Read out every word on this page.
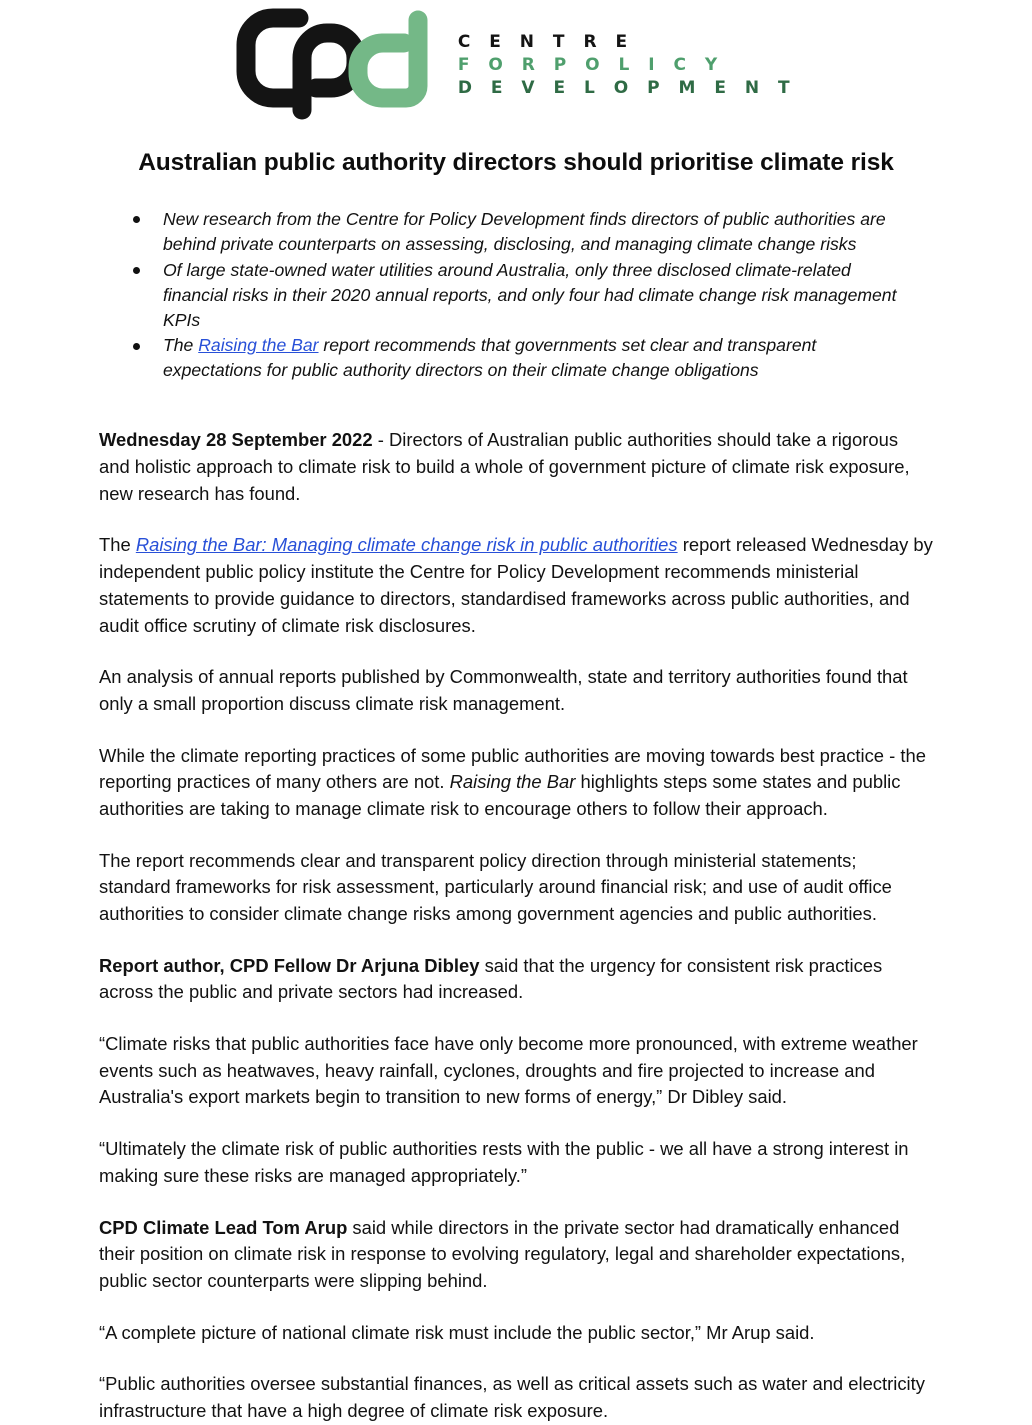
C E N T R E
F O R P O L I C Y
D E V E L O P M E N T
Australian public authority directors should prioritise climate risk
New research from the Centre for Policy Development finds directors of public authorities are behind private counterparts on assessing, disclosing, and managing climate change risks
Of large state-owned water utilities around Australia, only three disclosed climate-related financial risks in their 2020 annual reports, and only four had climate change risk management KPIs
The Raising the Bar report recommends that governments set clear and transparent expectations for public authority directors on their climate change obligations

Wednesday 28 September 2022 - Directors of Australian public authorities should take a rigorous and holistic approach to climate risk to build a whole of government picture of climate risk exposure, new research has found.

The Raising the Bar: Managing climate change risk in public authorities report released Wednesday by independent public policy institute the Centre for Policy Development recommends ministerial statements to provide guidance to directors, standardised frameworks across public authorities, and audit office scrutiny of climate risk disclosures.

An analysis of annual reports published by Commonwealth, state and territory authorities found that only a small proportion discuss climate risk management.

While the climate reporting practices of some public authorities are moving towards best practice - the reporting practices of many others are not. Raising the Bar highlights steps some states and public authorities are taking to manage climate risk to encourage others to follow their approach.

The report recommends clear and transparent policy direction through ministerial statements; standard frameworks for risk assessment, particularly around financial risk; and use of audit office authorities to consider climate change risks among government agencies and public authorities.

Report author, CPD Fellow Dr Arjuna Dibley said that the urgency for consistent risk practices across the public and private sectors had increased.

“Climate risks that public authorities face have only become more pronounced, with extreme weather events such as heatwaves, heavy rainfall, cyclones, droughts and fire projected to increase and Australia's export markets begin to transition to new forms of energy,” Dr Dibley said.

“Ultimately the climate risk of public authorities rests with the public - we all have a strong interest in making sure these risks are managed appropriately.”

CPD Climate Lead Tom Arup said while directors in the private sector had dramatically enhanced their position on climate risk in response to evolving regulatory, legal and shareholder expectations, public sector counterparts were slipping behind.

“A complete picture of national climate risk must include the public sector,” Mr Arup said.

“Public authorities oversee substantial finances, as well as critical assets such as water and electricity infrastructure that have a high degree of climate risk exposure.
